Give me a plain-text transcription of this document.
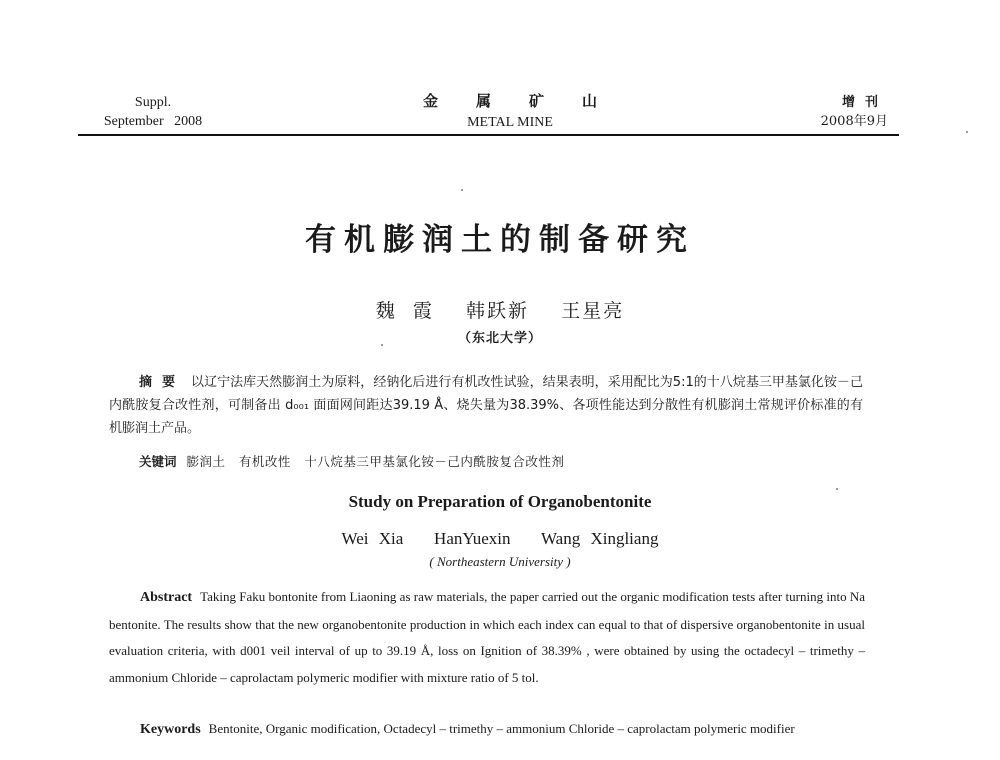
Suppl.
September   2008
金属矿山
METAL MINE
增刊
2008年9月
有机膨润土的制备研究
魏  霞    韩跃新    王星亮
（东北大学）
摘要 以辽宁法库天然膨润土为原料，经钠化后进行有机改性试验，结果表明，采用配比为5:1的十八烷基三甲基氯化铵－己内酰胺复合改性剂，可制备出 d₀₀₁ 面面网间距达39.19 Å、烧失量为38.39%、各项性能达到分散性有机膨润土常规评价标准的有机膨润土产品。
关键词 膨润土   有机改性   十八烷基三甲基氯化铵－己内酰胺复合改性剂
Study on Preparation of Organobentonite
Wei Xia   HanYuexin   Wang Xingliang
( Northeastern University )
Abstract Taking Faku bontonite from Liaoning as raw materials, the paper carried out the organic modification tests after turning into Na bentonite. The results show that the new organobentonite production in which each index can equal to that of dispersive organobentonite in usual evaluation criteria, with d001 veil interval of up to 39.19 Å, loss on Ignition of 38.39% , were obtained by using the octadecyl – trimethy – ammonium Chloride – caprolactam polymeric modifier with mixture ratio of 5 tol.
Keywords Bentonite, Organic modification, Octadecyl – trimethy – ammonium Chloride – caprolactam polymeric modifier
